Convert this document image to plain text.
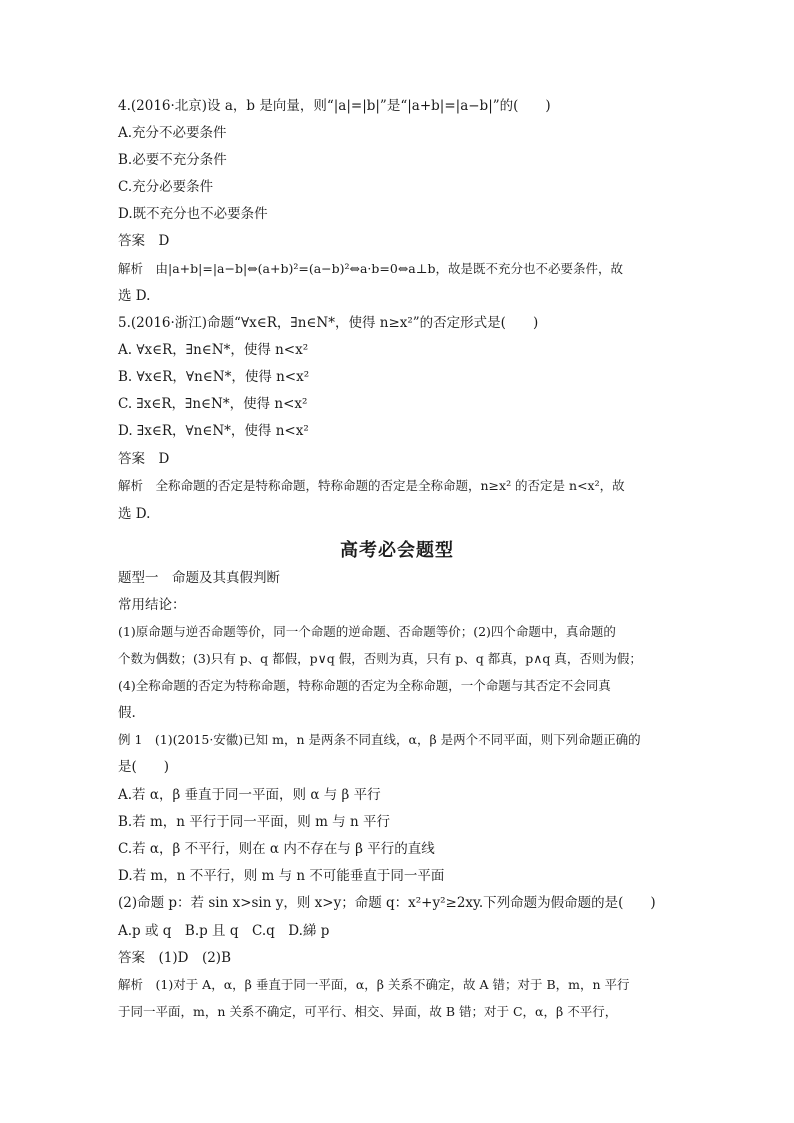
4.(2016·北京)设 a，b 是向量，则“|a|=|b|”是“|a+b|=|a−b|”的(　　)
A.充分不必要条件
B.必要不充分条件
C.充分必要条件
D.既不充分也不必要条件
答案　D
解析　由|a+b|=|a−b|⇔(a+b)²=(a−b)²⇔a·b=0⇔a⊥b，故是既不充分也不必要条件，故
选 D.
5.(2016·浙江)命题“∀x∈R，∃n∈N*，使得 n≥x²”的否定形式是(　　)
A. ∀x∈R，∃n∈N*，使得 n<x²
B. ∀x∈R，∀n∈N*，使得 n<x²
C. ∃x∈R，∃n∈N*，使得 n<x²
D. ∃x∈R，∀n∈N*，使得 n<x²
答案　D
解析　全称命题的否定是特称命题，特称命题的否定是全称命题，n≥x² 的否定是 n<x²，故
选 D.
高考必会题型
题型一　命题及其真假判断
常用结论：
(1)原命题与逆否命题等价，同一个命题的逆命题、否命题等价；(2)四个命题中，真命题的
个数为偶数；(3)只有 p、q 都假，p∨q 假，否则为真，只有 p、q 都真，p∧q 真，否则为假；
(4)全称命题的否定为特称命题，特称命题的否定为全称命题，一个命题与其否定不会同真
假.
例 1　(1)(2015·安徽)已知 m，n 是两条不同直线，α，β 是两个不同平面，则下列命题正确的
是(　　)
A.若 α，β 垂直于同一平面，则 α 与 β 平行
B.若 m，n 平行于同一平面，则 m 与 n 平行
C.若 α，β 不平行，则在 α 内不存在与 β 平行的直线
D.若 m，n 不平行，则 m 与 n 不可能垂直于同一平面
(2)命题 p：若 sin x>sin y，则 x>y；命题 q：x²+y²≥2xy.下列命题为假命题的是(　　)
A.p 或 q　B.p 且 q　C.q　D.綈 p
答案　(1)D　(2)B
解析　(1)对于 A，α，β 垂直于同一平面，α，β 关系不确定，故 A 错；对于 B，m，n 平行
于同一平面，m，n 关系不确定，可平行、相交、异面，故 B 错；对于 C，α，β 不平行，
